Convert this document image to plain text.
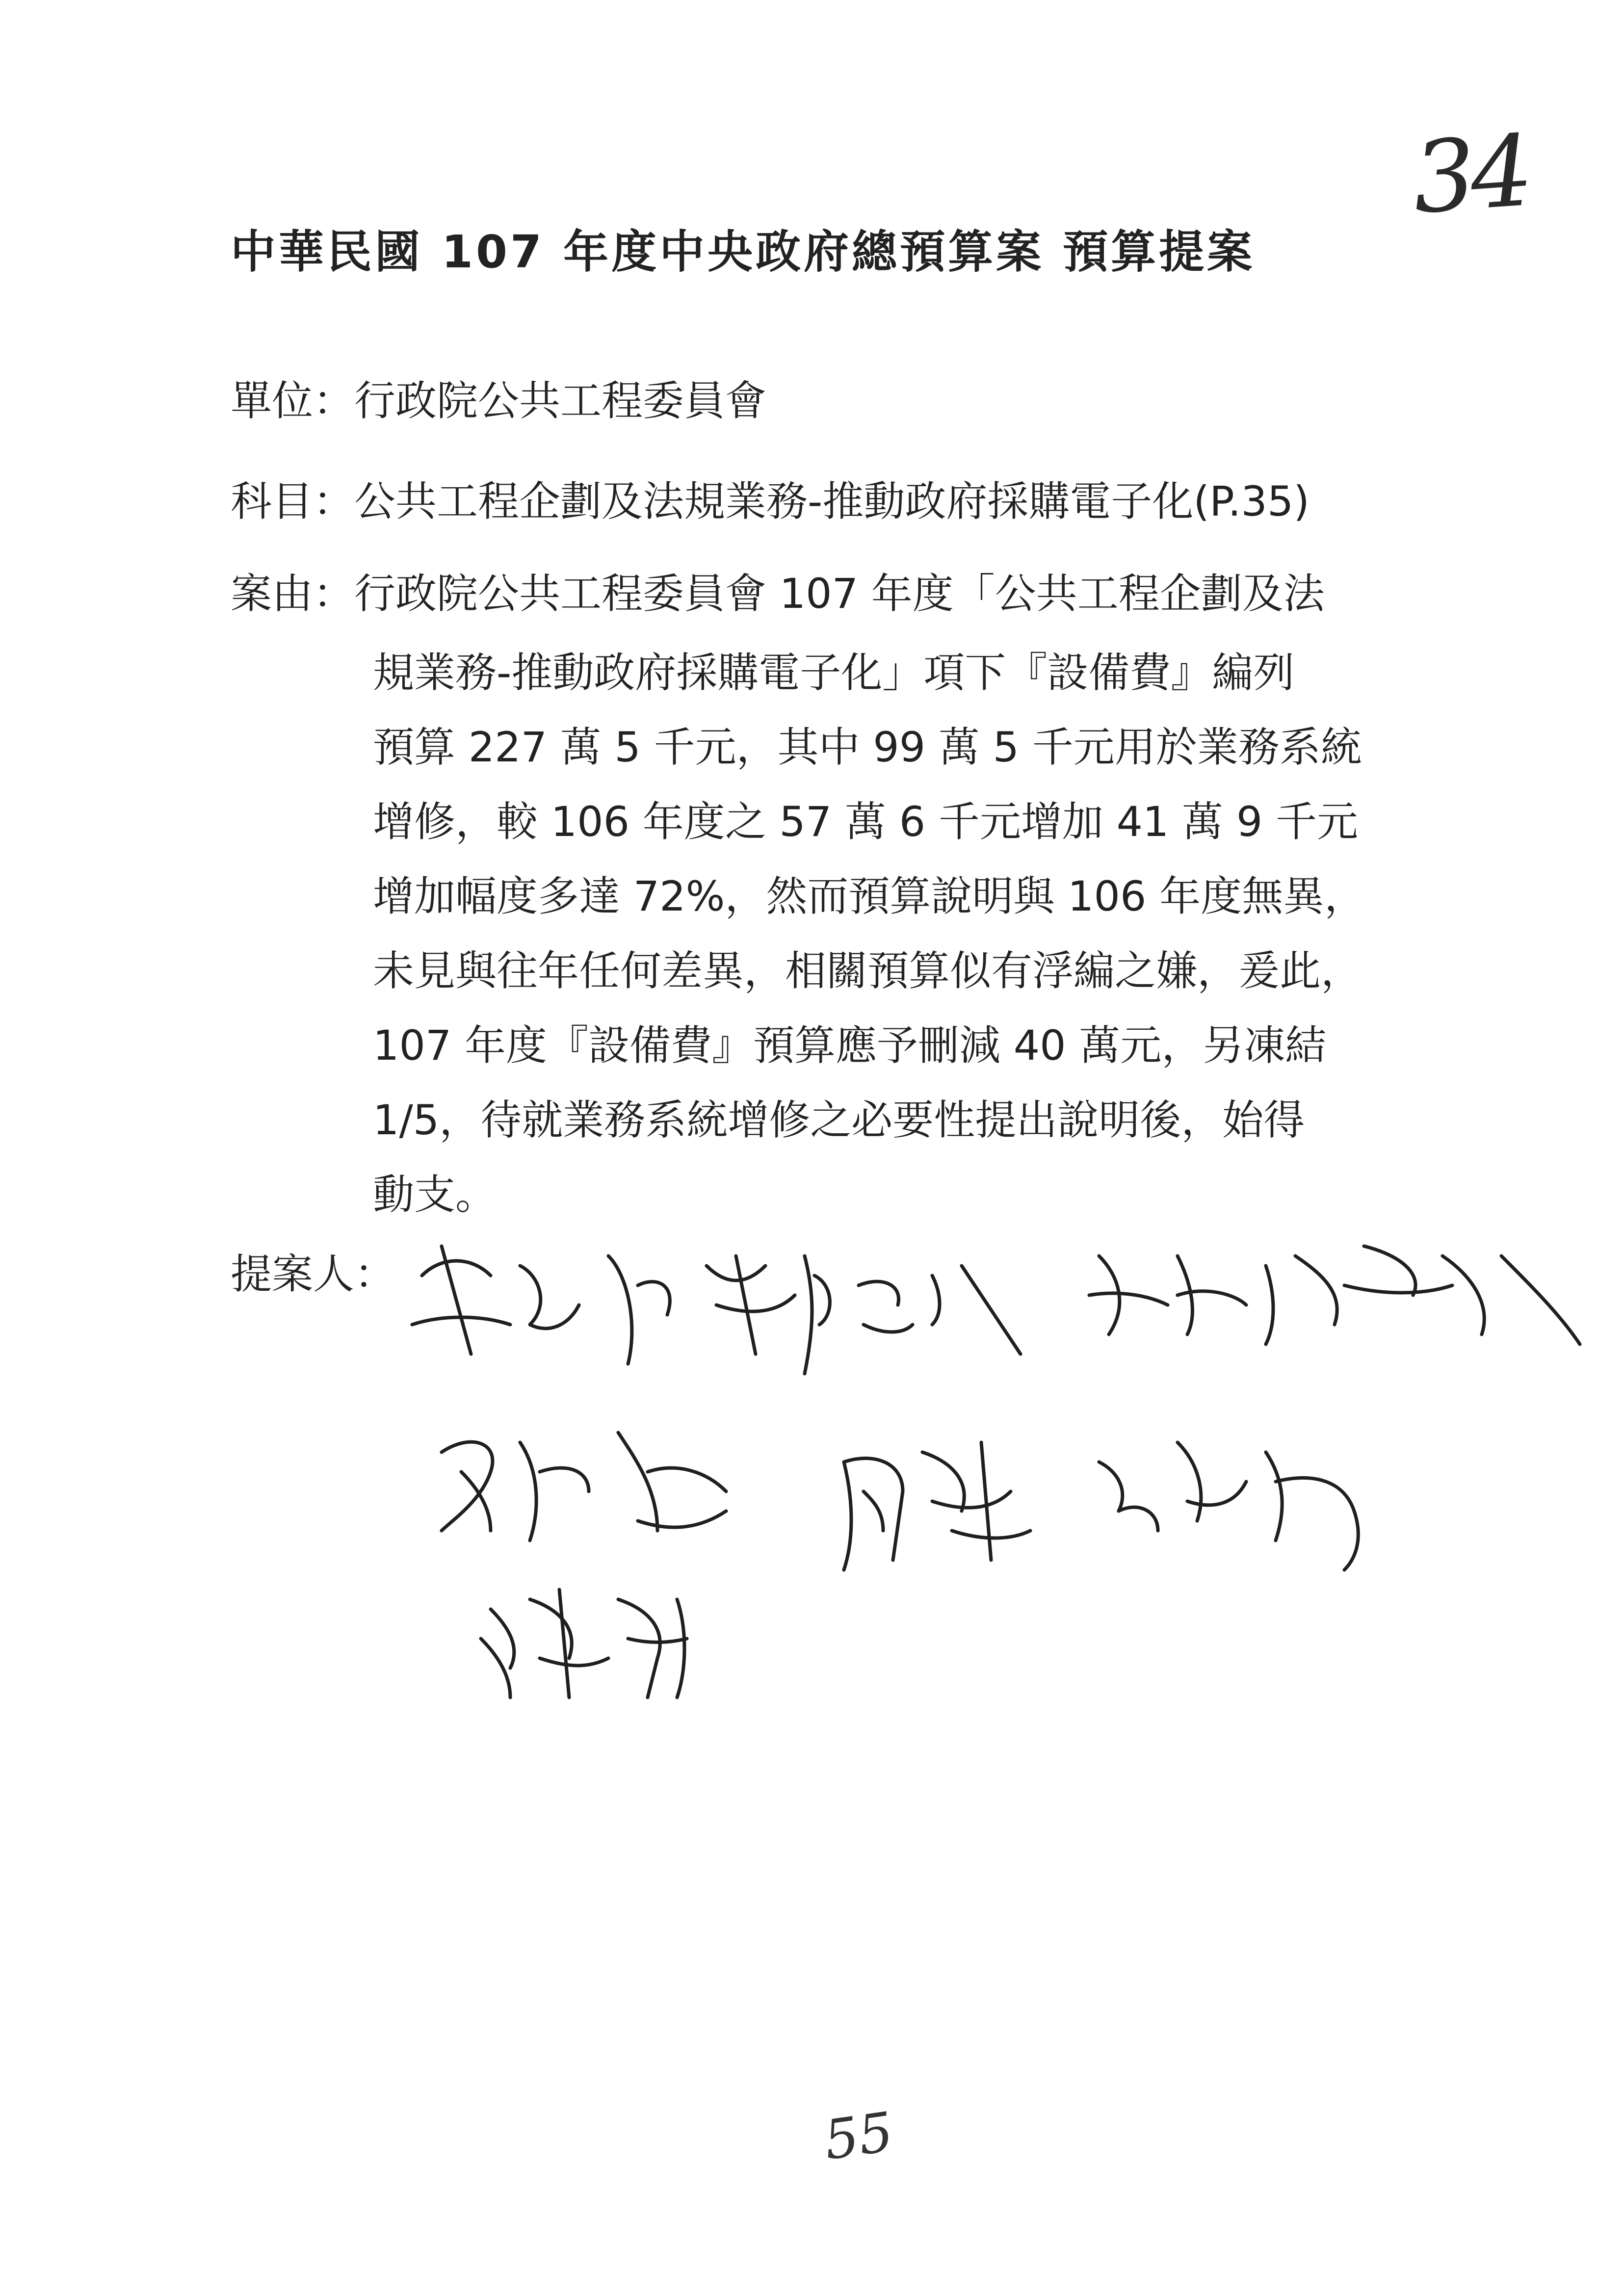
34
中華民國 107 年度中央政府總預算案 預算提案
單位：行政院公共工程委員會
科目：公共工程企劃及法規業務-推動政府採購電子化(P.35)
案由：行政院公共工程委員會 107 年度「公共工程企劃及法
規業務-推動政府採購電子化」項下『設備費』編列
預算 227 萬 5 千元，其中 99 萬 5 千元用於業務系統
增修，較 106 年度之 57 萬 6 千元增加 41 萬 9 千元
增加幅度多達 72%，然而預算說明與 106 年度無異，
未見與往年任何差異，相關預算似有浮編之嫌，爰此，
107 年度『設備費』預算應予刪減 40 萬元，另凍結
1/5，待就業務系統增修之必要性提出說明後，始得
動支。
提案人：
55
